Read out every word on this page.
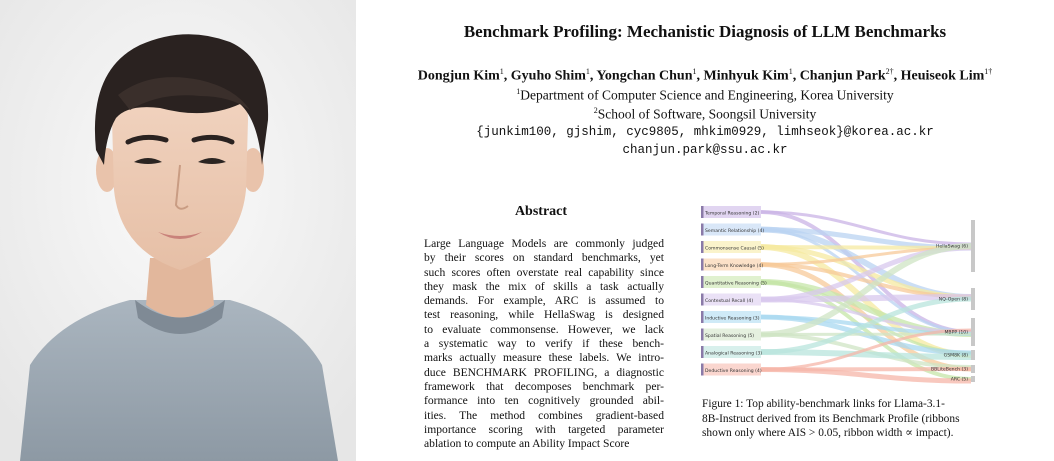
Benchmark Profiling: Mechanistic Diagnosis of LLM Benchmarks
Dongjun Kim$^1$, Gyuho Shim$^1$, Yongchan Chun$^1$, Minhyuk Kim$^1$, Chanjun Park$^{2\dagger}$, Heuiseok Lim$^{1\dagger}$
$^1$Department of Computer Science and Engineering, Korea University
$^2$School of Software, Soongsil University
{junkim100, gjshim, cyc9805, mhkim0929, limhseok}@korea.ac.kr
chanjun.park@ssu.ac.kr
Abstract
Large Language Models are commonly judged
by their scores on standard benchmarks, yet
such scores often overstate real capability since
they mask the mix of skills a task actually
demands. For example, ARC is assumed to
test reasoning, while HellaSwag is designed
to evaluate commonsense. However, we lack
a systematic way to verify if these bench-
marks actually measure these labels. We intro-
duce BENCHMARK PROFILING, a diagnostic
framework that decomposes benchmark per-
formance into ten cognitively grounded abil-
ities. The method combines gradient-based
importance scoring with targeted parameter
ablation to compute an Ability Impact Score
Temporal Reasoning (2)
Semantic Relationship (4)
Commonsense Causal (5)
Long-Term Knowledge (4)
Quantitative Reasoning (5)
Contextual Recall (4)
Inductive Reasoning (3)
Spatial Reasoning (5)
Analogical Reasoning (3)
Deductive Reasoning (4)
HellaSwag (6)
NQ-Open (8)
MBPP (10)
GSM8K (8)
BBLiteBench (3)
ARC (5)
Figure 1: Top ability-benchmark links for Llama-3.1-
8B-Instruct derived from its Benchmark Profile (ribbons
shown only where AIS > 0.05, ribbon width ∝ impact).
